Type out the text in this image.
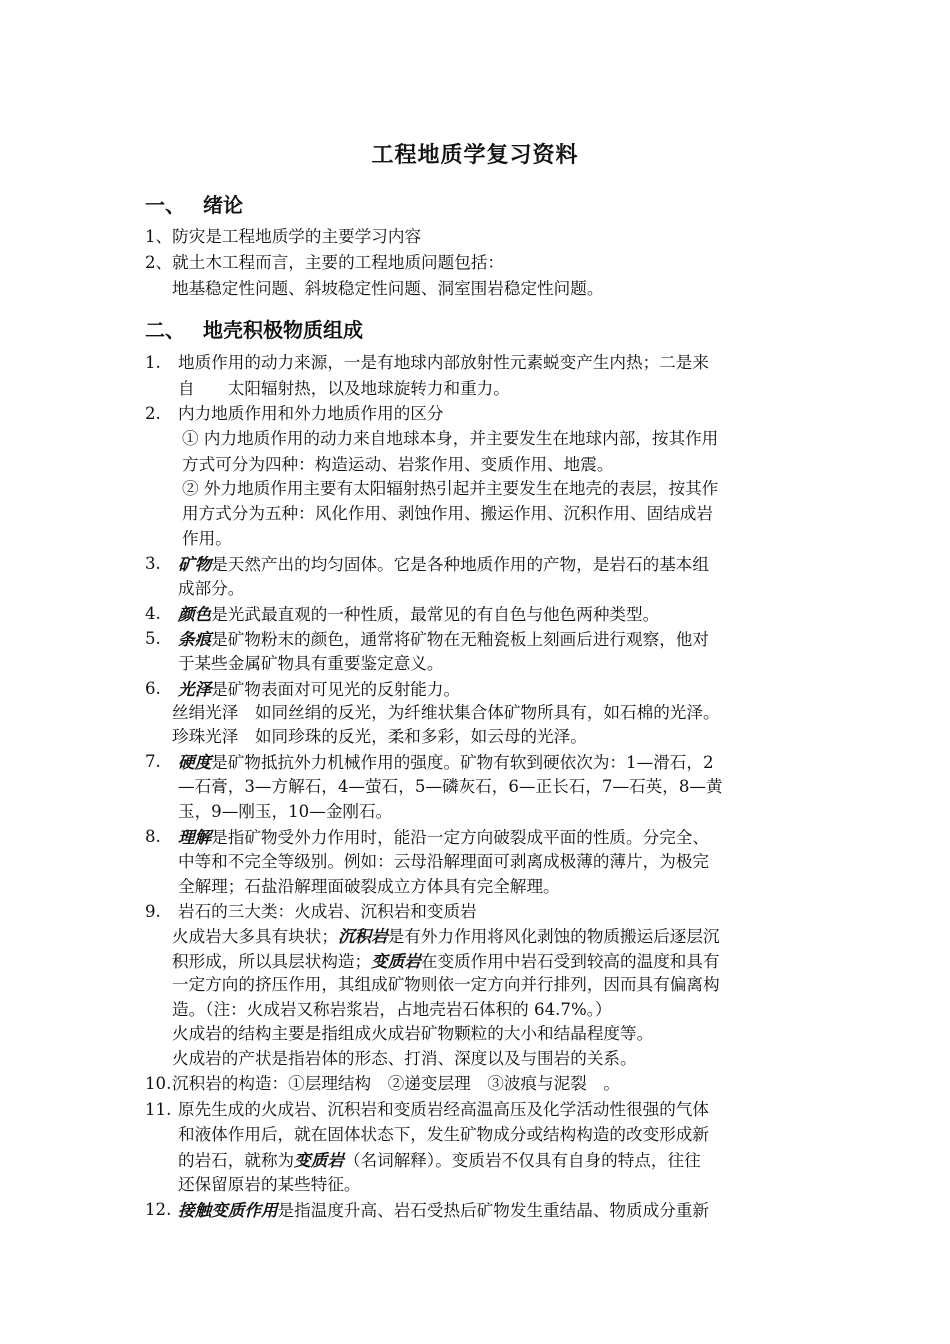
工程地质学复习资料
一、 绪论
1、防灾是工程地质学的主要学习内容
2、就土木工程而言，主要的工程地质问题包括：
地基稳定性问题、斜坡稳定性问题、洞室围岩稳定性问题。
二、 地壳积极物质组成
1. 地质作用的动力来源，一是有地球内部放射性元素蜕变产生内热；二是来
自　　太阳辐射热，以及地球旋转力和重力。
2. 内力地质作用和外力地质作用的区分
① 内力地质作用的动力来自地球本身，并主要发生在地球内部，按其作用
方式可分为四种：构造运动、岩浆作用、变质作用、地震。
② 外力地质作用主要有太阳辐射热引起并主要发生在地壳的表层，按其作
用方式分为五种：风化作用、剥蚀作用、搬运作用、沉积作用、固结成岩
作用。
3. 矿物是天然产出的均匀固体。它是各种地质作用的产物，是岩石的基本组
成部分。
4. 颜色是光武最直观的一种性质，最常见的有自色与他色两种类型。
5. 条痕是矿物粉末的颜色，通常将矿物在无釉瓷板上刻画后进行观察，他对
于某些金属矿物具有重要鉴定意义。
6. 光泽是矿物表面对可见光的反射能力。
丝绢光泽　如同丝绢的反光，为纤维状集合体矿物所具有，如石棉的光泽。
珍珠光泽　如同珍珠的反光，柔和多彩，如云母的光泽。
7. 硬度是矿物抵抗外力机械作用的强度。矿物有软到硬依次为：1—滑石，2
—石膏，3—方解石，4—萤石，5—磷灰石，6—正长石，7—石英，8—黄
玉，9—刚玉，10—金刚石。
8. 理解是指矿物受外力作用时，能沿一定方向破裂成平面的性质。分完全、
中等和不完全等级别。例如：云母沿解理面可剥离成极薄的薄片，为极完
全解理；石盐沿解理面破裂成立方体具有完全解理。
9. 岩石的三大类：火成岩、沉积岩和变质岩
火成岩大多具有块状；沉积岩是有外力作用将风化剥蚀的物质搬运后逐层沉
积形成，所以具层状构造；变质岩在变质作用中岩石受到较高的温度和具有
一定方向的挤压作用，其组成矿物则依一定方向并行排列，因而具有偏离构
造。（注：火成岩又称岩浆岩，占地壳岩石体积的 64.7%。）
火成岩的结构主要是指组成火成岩矿物颗粒的大小和结晶程度等。
火成岩的产状是指岩体的形态、打消、深度以及与围岩的关系。
10. 沉积岩的构造：①层理结构　②递变层理　③波痕与泥裂　。
11. 原先生成的火成岩、沉积岩和变质岩经高温高压及化学活动性很强的气体
和液体作用后，就在固体状态下，发生矿物成分或结构构造的改变形成新
的岩石，就称为变质岩（名词解释）。变质岩不仅具有自身的特点，往往
还保留原岩的某些特征。
12. 接触变质作用是指温度升高、岩石受热后矿物发生重结晶、物质成分重新
